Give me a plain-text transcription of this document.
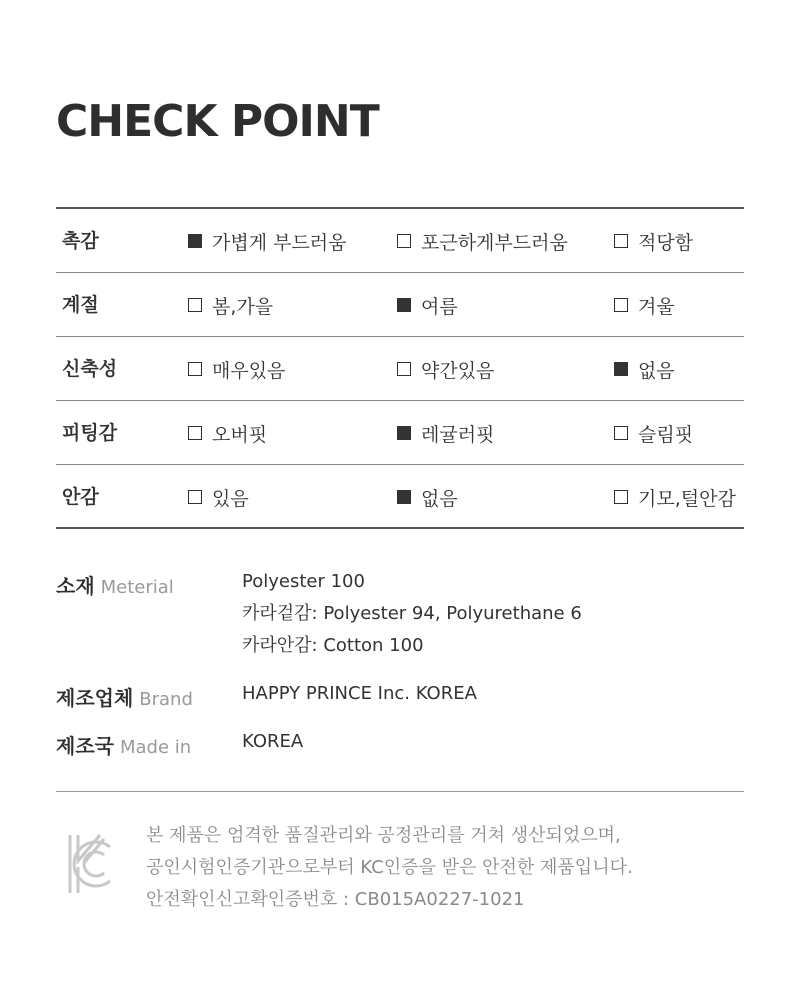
CHECK POINT
촉감	가볍게 부드러움	포근하게부드러움	적당함
계절	봄,가을	여름	겨울
신축성	매우있음	약간있음	없음
피팅감	오버핏	레귤러핏	슬림핏
안감	있음	없음	기모,털안감
소재 Meterial	Polyester 100
카라겉감: Polyester 94, Polyurethane 6
카라안감: Cotton 100
제조업체 Brand	HAPPY PRINCE Inc. KOREA
제조국 Made in	KOREA
본 제품은 엄격한 품질관리와 공정관리를 거쳐 생산되었으며,
공인시험인증기관으로부터 KC인증을 받은 안전한 제품입니다.
안전확인신고확인증번호 : CB015A0227-1021
